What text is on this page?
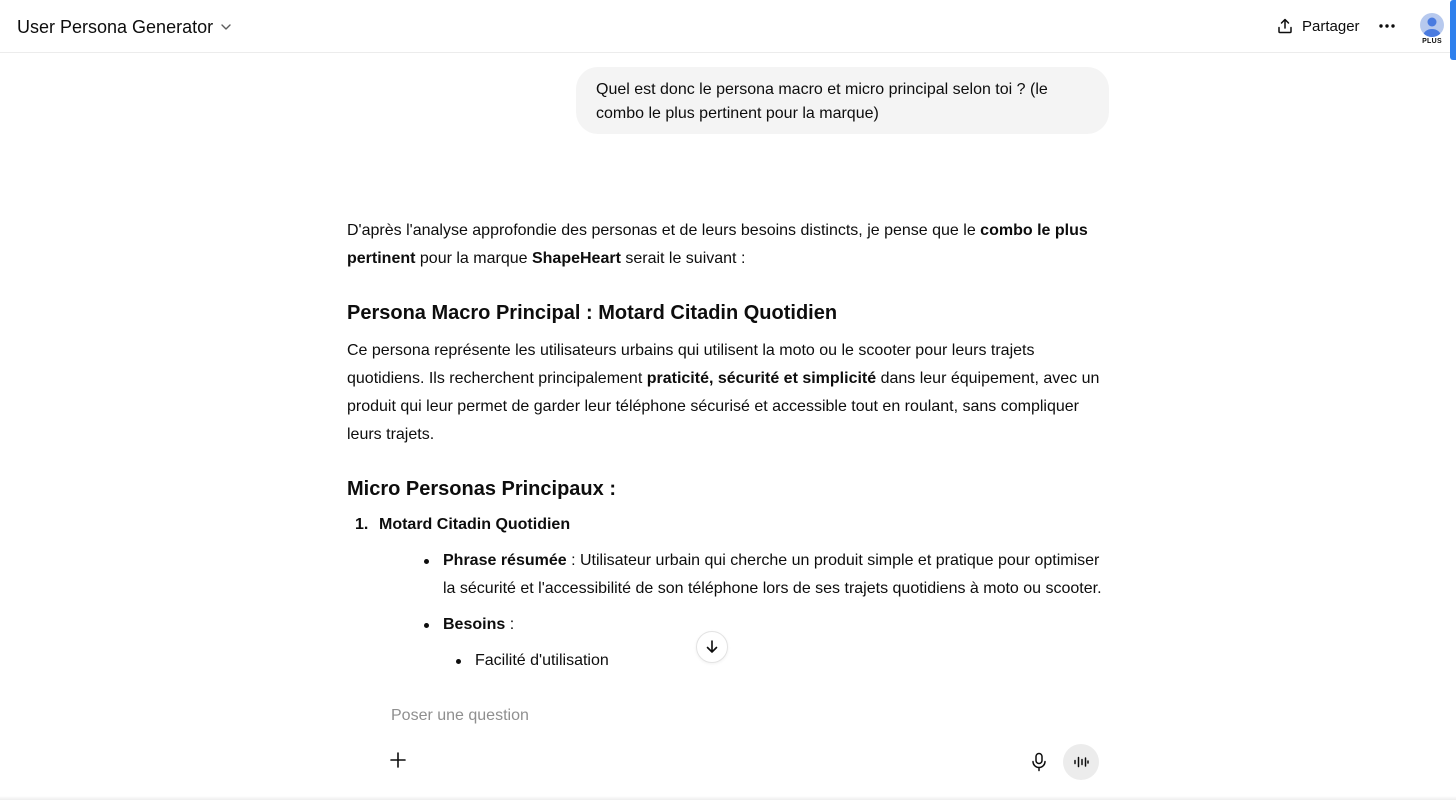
User Persona Generator	Partager
PLUS
Quel est donc le persona macro et micro principal selon toi ? (le combo le plus pertinent pour la marque)

D'après l'analyse approfondie des personas et de leurs besoins distincts, je pense que le combo le plus pertinent pour la marque ShapeHeart serait le suivant :

Persona Macro Principal : Motard Citadin Quotidien

Ce persona représente les utilisateurs urbains qui utilisent la moto ou le scooter pour leurs trajets quotidiens. Ils recherchent principalement praticité, sécurité et simplicité dans leur équipement, avec un produit qui leur permet de garder leur téléphone sécurisé et accessible tout en roulant, sans compliquer leurs trajets.

Micro Personas Principaux :
1. Motard Citadin Quotidien
Phrase résumée : Utilisateur urbain qui cherche un produit simple et pratique pour optimiser la sécurité et l'accessibilité de son téléphone lors de ses trajets quotidiens à moto ou scooter.
Besoins :
Facilité d'utilisation
Poser une question
